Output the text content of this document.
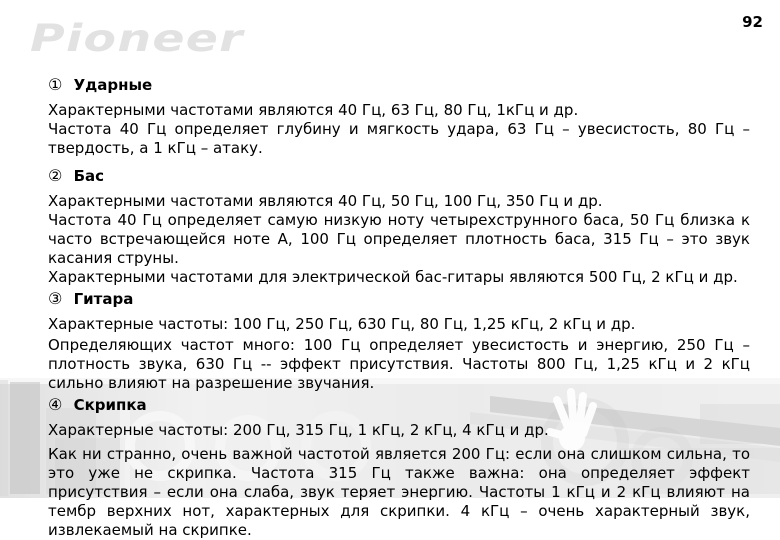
Pioneer	92
① Ударные

Характерными частотами являются 40 Гц, 63 Гц, 80 Гц, 1кГц и др.

Частота 40 Гц определяет глубину и мягкость удара, 63 Гц – увесистость, 80 Гц – твердость, а 1 кГц – атаку.

② Бас

Характерными частотами являются 40 Гц, 50 Гц, 100 Гц, 350 Гц и др.

Частота 40 Гц определяет самую низкую ноту четырехструнного баса, 50 Гц близка к часто встречающейся ноте A, 100 Гц определяет плотность баса, 315 Гц – это звук касания струны.

Характерными частотами для электрической бас-гитары являются 500 Гц, 2 кГц и др.

③ Гитара

Характерные частоты: 100 Гц, 250 Гц, 630 Гц, 80 Гц, 1,25 кГц, 2 кГц и др.

Определяющих частот много: 100 Гц определяет увесистость и энергию, 250 Гц – плотность звука, 630 Гц -- эффект присутствия. Частоты 800 Гц, 1,25 кГц и 2 кГц сильно влияют на разрешение звучания.

④ Скрипка

Характерные частоты: 200 Гц, 315 Гц, 1 кГц, 2 кГц, 4 кГц и др.

Как ни странно, очень важной частотой является 200 Гц: если она слишком сильна, то это уже не скрипка. Частота 315 Гц также важна: она определяет эффект присутствия – если она слаба, звук теряет энергию. Частоты 1 кГц и 2 кГц влияют на тембр верхних нот, характерных для скрипки. 4 кГц – очень характерный звук, извлекаемый на скрипке.
